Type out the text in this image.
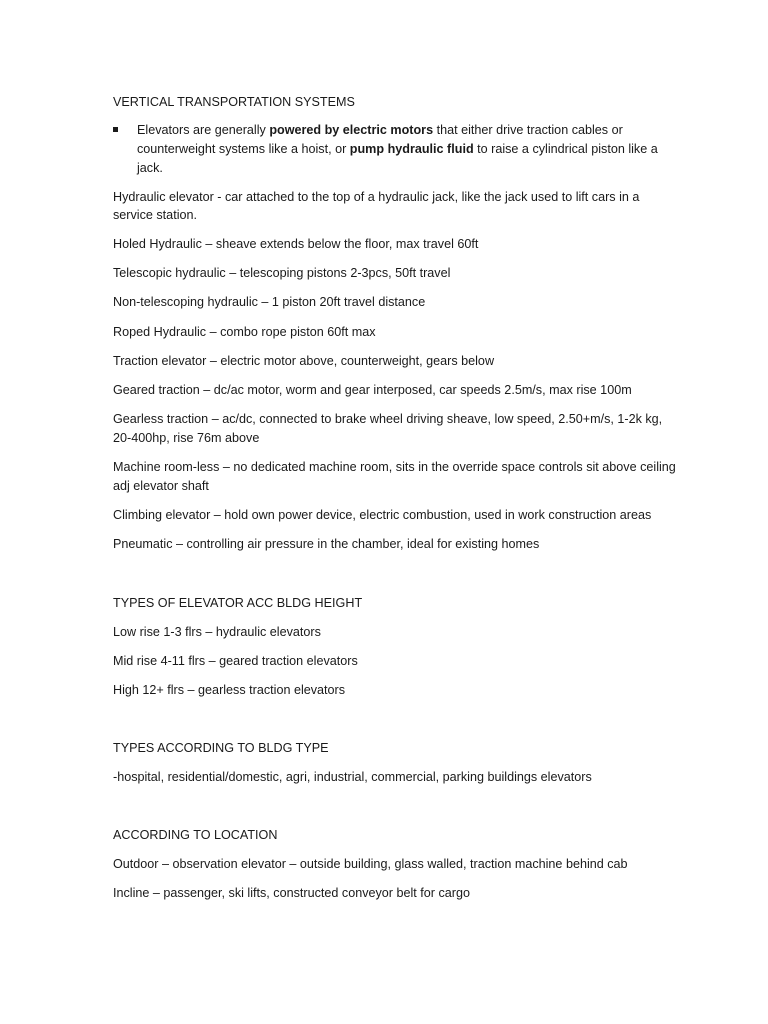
VERTICAL TRANSPORTATION SYSTEMS
Elevators are generally powered by electric motors that either drive traction cables or
counterweight systems like a hoist, or pump hydraulic fluid to raise a cylindrical piston like a
jack.
Hydraulic elevator - car attached to the top of a hydraulic jack, like the jack used to lift cars in a
service station.
Holed Hydraulic – sheave extends below the floor, max travel 60ft
Telescopic hydraulic – telescoping pistons 2-3pcs, 50ft travel
Non-telescoping hydraulic – 1 piston 20ft travel distance
Roped Hydraulic – combo rope piston 60ft max
Traction elevator – electric motor above, counterweight, gears below
Geared traction – dc/ac motor, worm and gear interposed, car speeds 2.5m/s, max rise 100m
Gearless traction – ac/dc, connected to brake wheel driving sheave, low speed, 2.50+m/s, 1-2k kg,
20-400hp, rise 76m above
Machine room-less – no dedicated machine room, sits in the override space controls sit above ceiling
adj elevator shaft
Climbing elevator – hold own power device, electric combustion, used in work construction areas
Pneumatic – controlling air pressure in the chamber, ideal for existing homes
TYPES OF ELEVATOR ACC BLDG HEIGHT
Low rise 1-3 flrs – hydraulic elevators
Mid rise 4-11 flrs – geared traction elevators
High 12+ flrs – gearless traction elevators
TYPES ACCORDING TO BLDG TYPE
-hospital, residential/domestic, agri, industrial, commercial, parking buildings elevators
ACCORDING TO LOCATION
Outdoor – observation elevator – outside building, glass walled, traction machine behind cab
Incline – passenger, ski lifts, constructed conveyor belt for cargo
